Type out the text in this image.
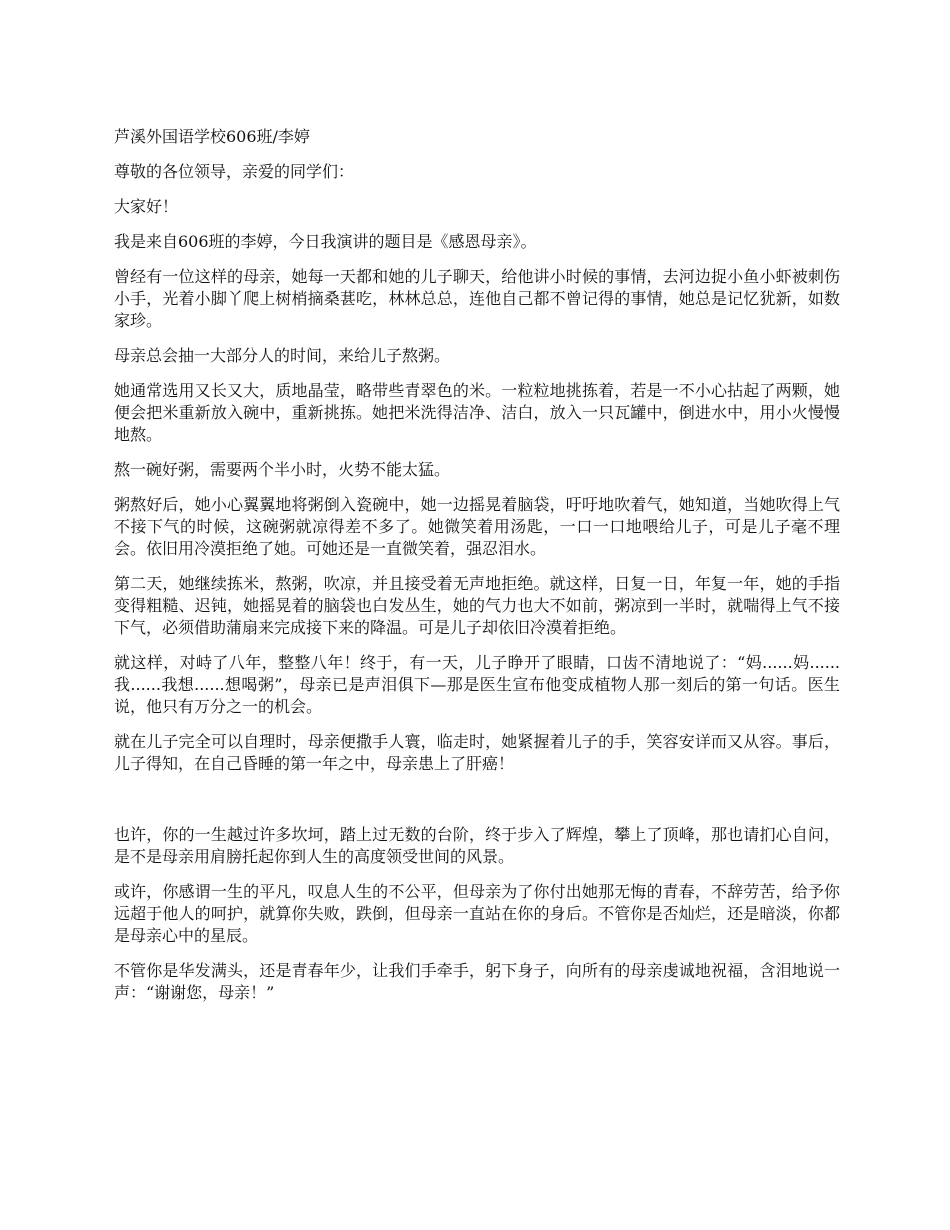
芦溪外国语学校606班/李婷

尊敬的各位领导，亲爱的同学们：

大家好！

我是来自606班的李婷，今日我演讲的题目是《感恩母亲》。

曾经有一位这样的母亲，她每一天都和她的儿子聊天，给他讲小时候的事情，去河边捉小鱼小虾被刺伤小手，光着小脚丫爬上树梢摘桑葚吃，林林总总，连他自己都不曾记得的事情，她总是记忆犹新，如数家珍。

母亲总会抽一大部分人的时间，来给儿子熬粥。

她通常选用又长又大，质地晶莹，略带些青翠色的米。一粒粒地挑拣着，若是一不小心拈起了两颗，她便会把米重新放入碗中，重新挑拣。她把米洗得洁净、洁白，放入一只瓦罐中，倒进水中，用小火慢慢地熬。

熬一碗好粥，需要两个半小时，火势不能太猛。

粥熬好后，她小心翼翼地将粥倒入瓷碗中，她一边摇晃着脑袋，吁吁地吹着气，她知道，当她吹得上气不接下气的时候，这碗粥就凉得差不多了。她微笑着用汤匙，一口一口地喂给儿子，可是儿子毫不理会。依旧用冷漠拒绝了她。可她还是一直微笑着，强忍泪水。

第二天，她继续拣米，熬粥，吹凉，并且接受着无声地拒绝。就这样，日复一日，年复一年，她的手指变得粗糙、迟钝，她摇晃着的脑袋也白发丛生，她的气力也大不如前，粥凉到一半时，就喘得上气不接下气，必须借助蒲扇来完成接下来的降温。可是儿子却依旧冷漠着拒绝。

就这样，对峙了八年，整整八年！终于，有一天，儿子睁开了眼睛，口齿不清地说了：“妈......妈......我......我想......想喝粥”，母亲已是声泪俱下—那是医生宣布他变成植物人那一刻后的第一句话。医生说，他只有万分之一的机会。

就在儿子完全可以自理时，母亲便撒手人寰，临走时，她紧握着儿子的手，笑容安详而又从容。事后，儿子得知，在自己昏睡的第一年之中，母亲患上了肝癌！

也许，你的一生越过许多坎坷，踏上过无数的台阶，终于步入了辉煌，攀上了顶峰，那也请扪心自问，是不是母亲用肩膀托起你到人生的高度领受世间的风景。

或许，你感谓一生的平凡，叹息人生的不公平，但母亲为了你付出她那无悔的青春，不辞劳苦，给予你远超于他人的呵护，就算你失败，跌倒，但母亲一直站在你的身后。不管你是否灿烂，还是暗淡，你都是母亲心中的星辰。

不管你是华发满头，还是青春年少，让我们手牵手，躬下身子，向所有的母亲虔诚地祝福，含泪地说一声：“谢谢您，母亲！”
